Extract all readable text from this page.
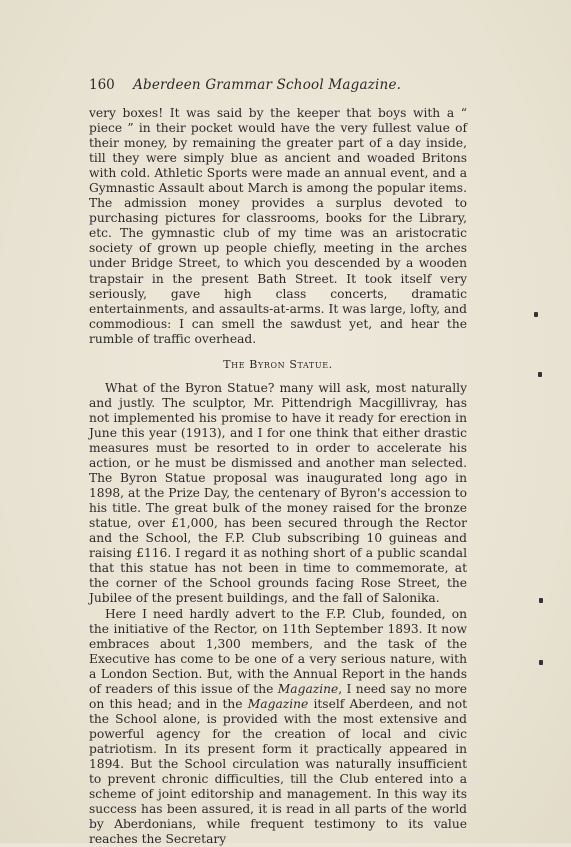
160 Aberdeen Grammar School Magazine.

very boxes! It was said by the keeper that boys with a “ piece ” in their pocket would have the very fullest value of their money, by remaining the greater part of a day inside, till they were simply blue as ancient and woaded Britons with cold. Athletic Sports were made an annual event, and a Gymnastic Assault about March is among the popular items. The admission money provides a surplus devoted to purchasing pictures for classrooms, books for the Library, etc. The gymnastic club of my time was an aristocratic society of grown up people chiefly, meeting in the arches under Bridge Street, to which you descended by a wooden trapstair in the present Bath Street. It took itself very seriously, gave high class concerts, dramatic entertainments, and assaults-at-arms. It was large, lofty, and commodious: I can smell the sawdust yet, and hear the rumble of traffic overhead.

The Byron Statue.

What of the Byron Statue? many will ask, most naturally and justly. The sculptor, Mr. Pittendrigh Macgillivray, has not implemented his promise to have it ready for erection in June this year (1913), and I for one think that either drastic measures must be resorted to in order to accelerate his action, or he must be dismissed and another man selected. The Byron Statue proposal was inaugurated long ago in 1898, at the Prize Day, the centenary of Byron's accession to his title. The great bulk of the money raised for the bronze statue, over £1,000, has been secured through the Rector and the School, the F.P. Club subscribing 10 guineas and raising £116. I regard it as nothing short of a public scandal that this statue has not been in time to commemorate, at the corner of the School grounds facing Rose Street, the Jubilee of the present buildings, and the fall of Salonika.

Here I need hardly advert to the F.P. Club, founded, on the initiative of the Rector, on 11th September 1893. It now embraces about 1,300 members, and the task of the Executive has come to be one of a very serious nature, with a London Section. But, with the Annual Report in the hands of readers of this issue of the Magazine, I need say no more on this head; and in the Magazine itself Aberdeen, and not the School alone, is provided with the most extensive and powerful agency for the creation of local and civic patriotism. In its present form it practically appeared in 1894. But the School circulation was naturally insufficient to prevent chronic difficulties, till the Club entered into a scheme of joint editorship and management. In this way its success has been assured, it is read in all parts of the world by Aberdonians, while frequent testimony to its value reaches the Secretary
